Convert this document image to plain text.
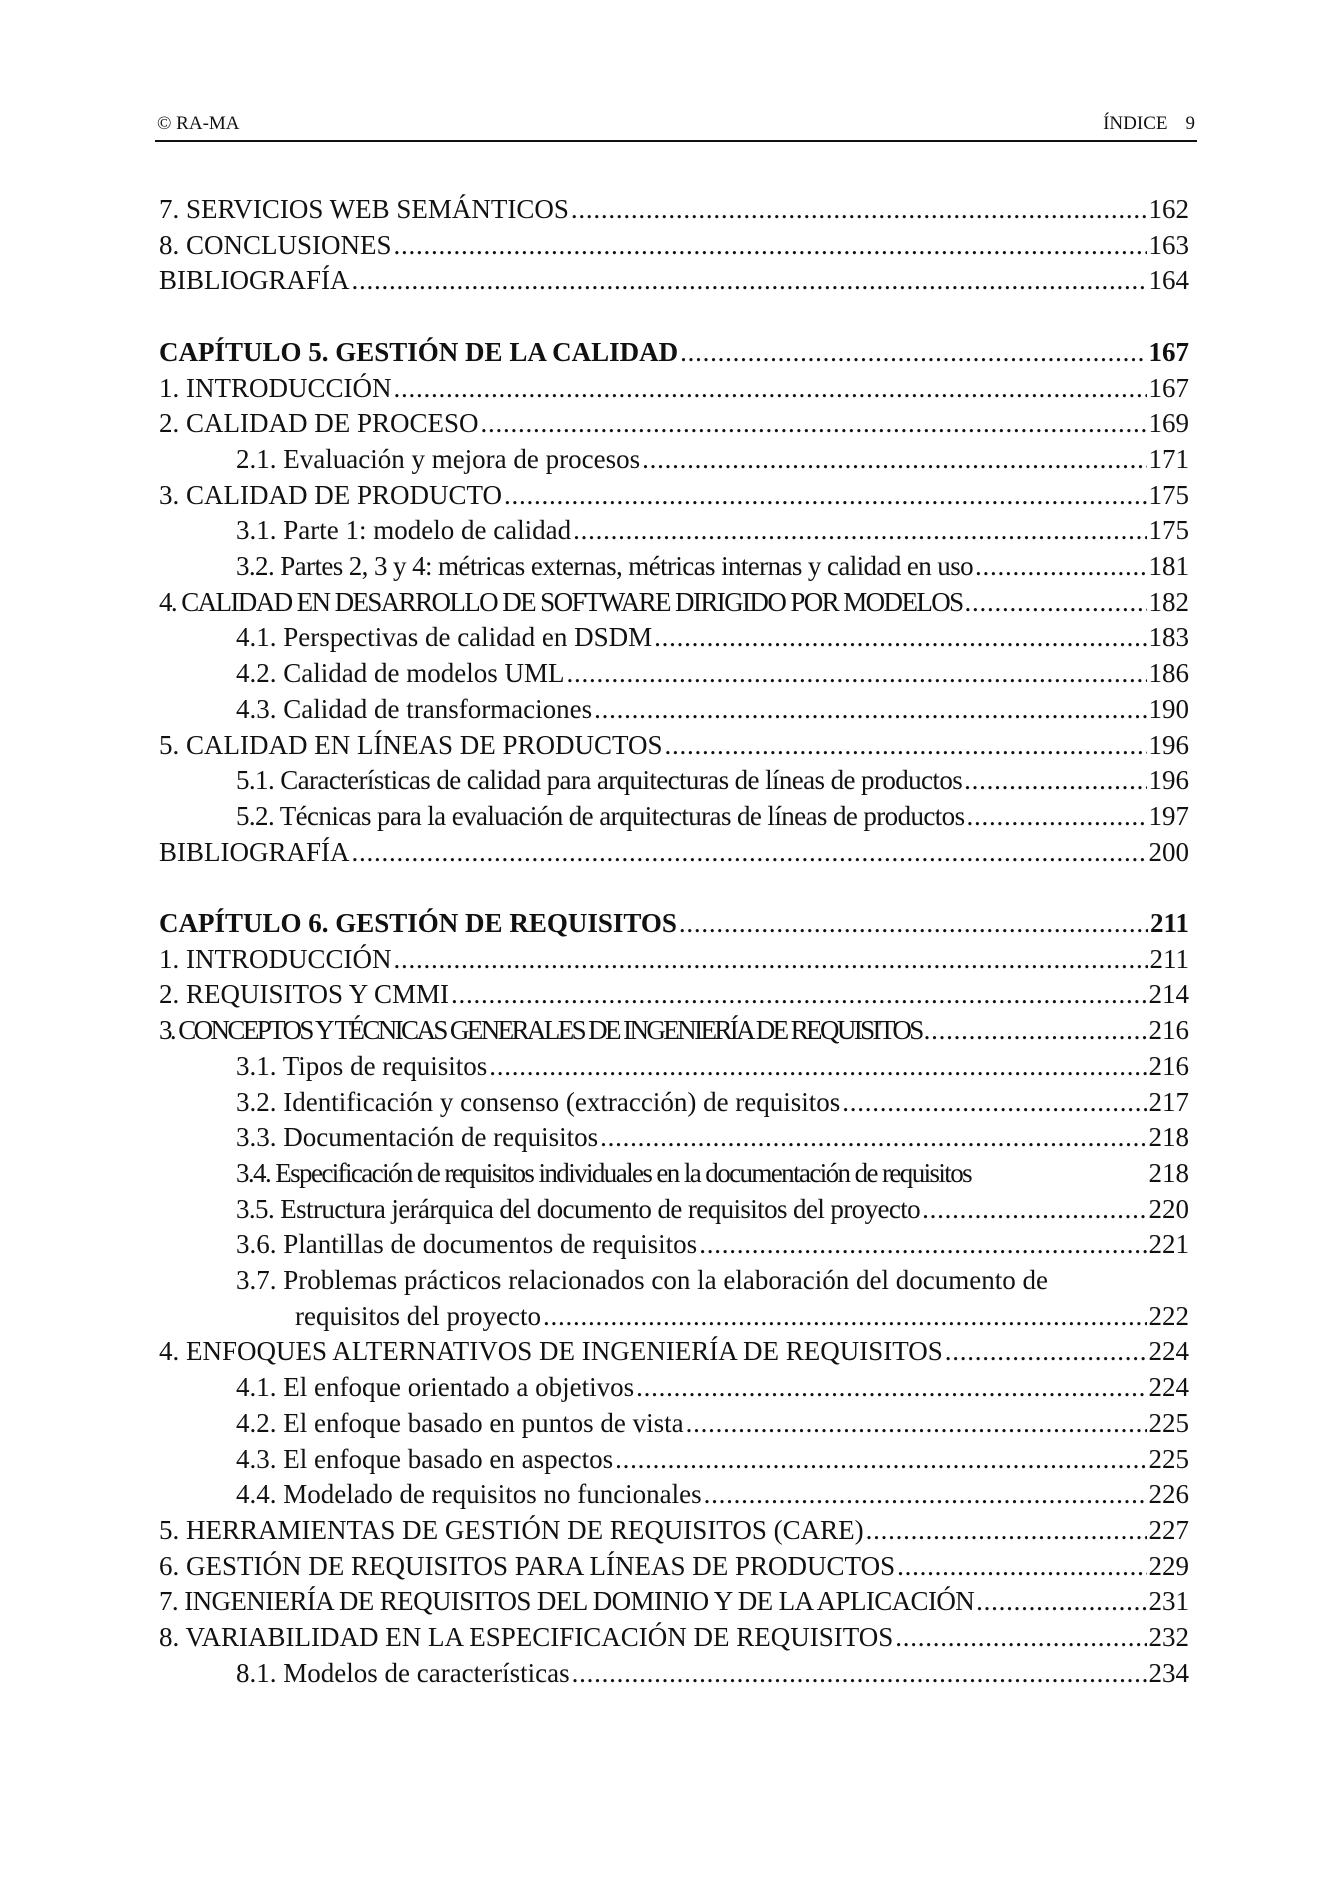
© RA-MA	ÍNDICE 9
7. SERVICIOS WEB SEMÁNTICOS . . .	162
8. CONCLUSIONES . . .	163
BIBLIOGRAFÍA . . .	164
CAPÍTULO 5. GESTIÓN DE LA CALIDAD . . .	167
1. INTRODUCCIÓN . . .	167
2. CALIDAD DE PROCESO . . .	169
2.1. Evaluación y mejora de procesos . . .	171
3. CALIDAD DE PRODUCTO . . .	175
3.1. Parte 1: modelo de calidad . . .	175
3.2. Partes 2, 3 y 4: métricas externas, métricas internas y calidad en uso . . .	181
4. CALIDAD EN DESARROLLO DE SOFTWARE DIRIGIDO POR MODELOS . . .	182
4.1. Perspectivas de calidad en DSDM . . .	183
4.2. Calidad de modelos UML . . .	186
4.3. Calidad de transformaciones . . .	190
5. CALIDAD EN LÍNEAS DE PRODUCTOS . . .	196
5.1. Características de calidad para arquitecturas de líneas de productos . . .	196
5.2. Técnicas para la evaluación de arquitecturas de líneas de productos . . .	197
BIBLIOGRAFÍA . . .	200
CAPÍTULO 6. GESTIÓN DE REQUISITOS . . .	211
1. INTRODUCCIÓN . . .	211
2. REQUISITOS Y CMMI . . .	214
3. CONCEPTOS Y TÉCNICAS GENERALES DE INGENIERÍA DE REQUISITOS . . .	216
3.1. Tipos de requisitos . . .	216
3.2. Identificación y consenso (extracción) de requisitos . . .	217
3.3. Documentación de requisitos . . .	218
3.4. Especificación de requisitos individuales en la documentación de requisitos	218
3.5. Estructura jerárquica del documento de requisitos del proyecto . . .	220
3.6. Plantillas de documentos de requisitos . . .	221
3.7. Problemas prácticos relacionados con la elaboración del documento de
requisitos del proyecto . . .	222
4. ENFOQUES ALTERNATIVOS DE INGENIERÍA DE REQUISITOS . . .	224
4.1. El enfoque orientado a objetivos . . .	224
4.2. El enfoque basado en puntos de vista . . .	225
4.3. El enfoque basado en aspectos . . .	225
4.4. Modelado de requisitos no funcionales . . .	226
5. HERRAMIENTAS DE GESTIÓN DE REQUISITOS (CARE) . . .	227
6. GESTIÓN DE REQUISITOS PARA LÍNEAS DE PRODUCTOS . . .	229
7. INGENIERÍA DE REQUISITOS DEL DOMINIO Y DE LA APLICACIÓN . . .	231
8. VARIABILIDAD EN LA ESPECIFICACIÓN DE REQUISITOS . . .	232
8.1. Modelos de características . . .	234
